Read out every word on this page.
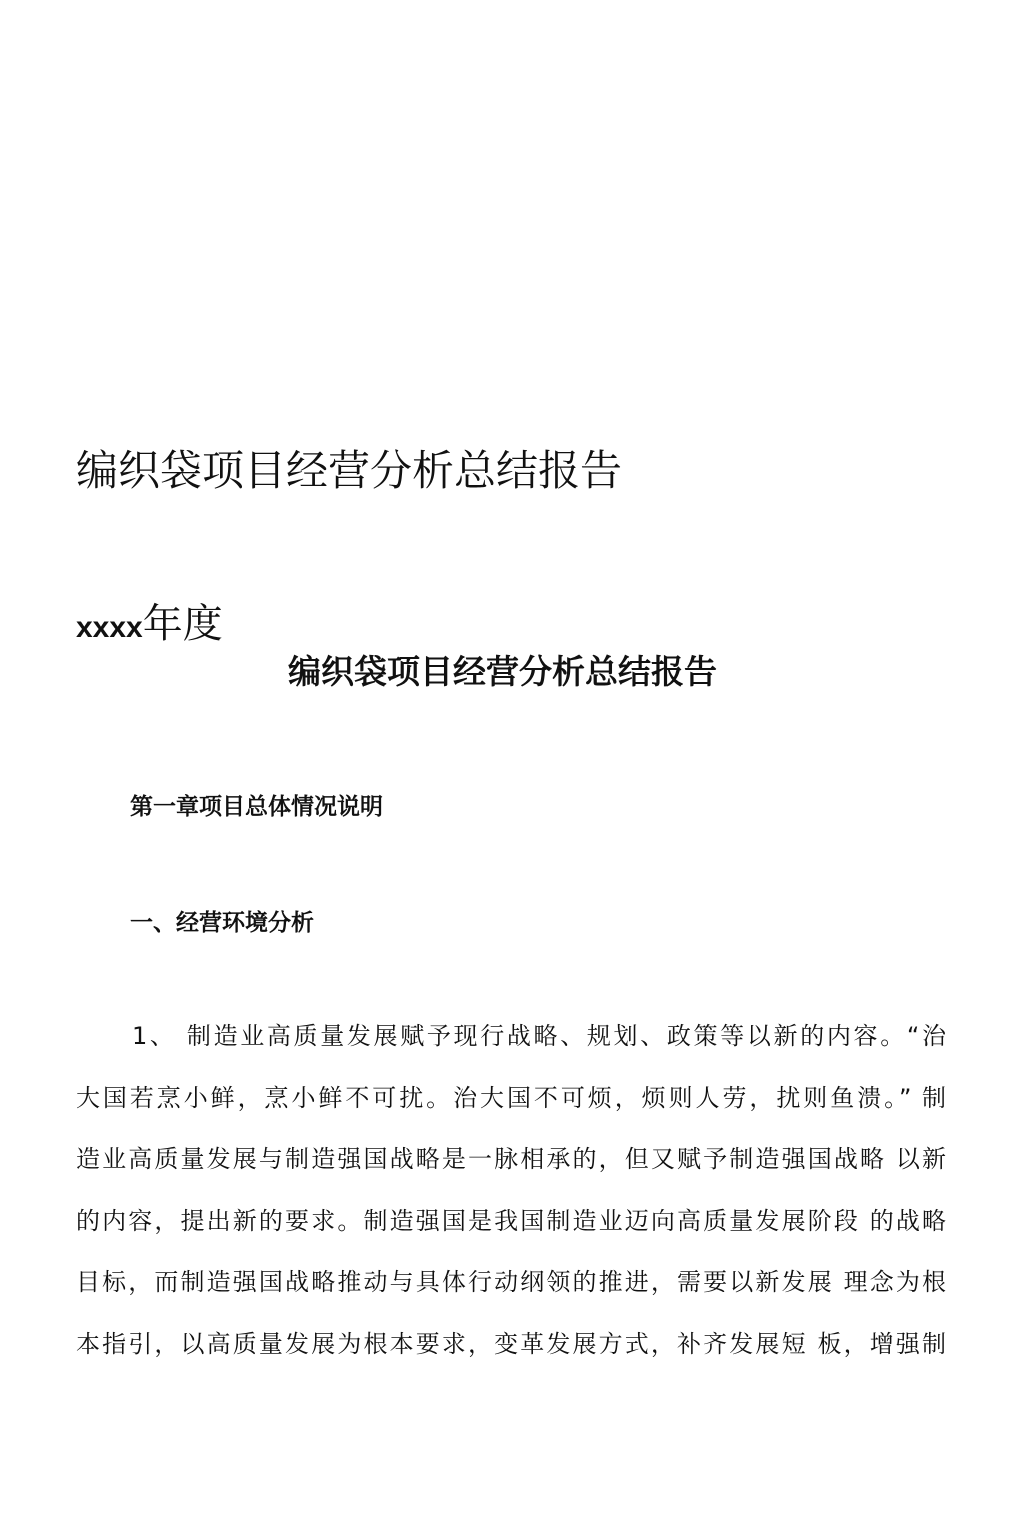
编织袋项目经营分析总结报告
xxxx年度
编织袋项目经营分析总结报告
第一章项目总体情况说明
一、经营环境分析
1、 制造业高质量发展赋予现行战略、规划、政策等以新的内容。“治
大国若烹小鲜，烹小鲜不可扰。治大国不可烦，烦则人劳，扰则鱼溃。” 制
造业高质量发展与制造强国战略是一脉相承的，但又赋予制造强国战略 以新
的内容，提出新的要求。制造强国是我国制造业迈向高质量发展阶段 的战略
目标，而制造强国战略推动与具体行动纲领的推进，需要以新发展 理念为根
本指引，以高质量发展为根本要求，变革发展方式，补齐发展短 板，增强制
